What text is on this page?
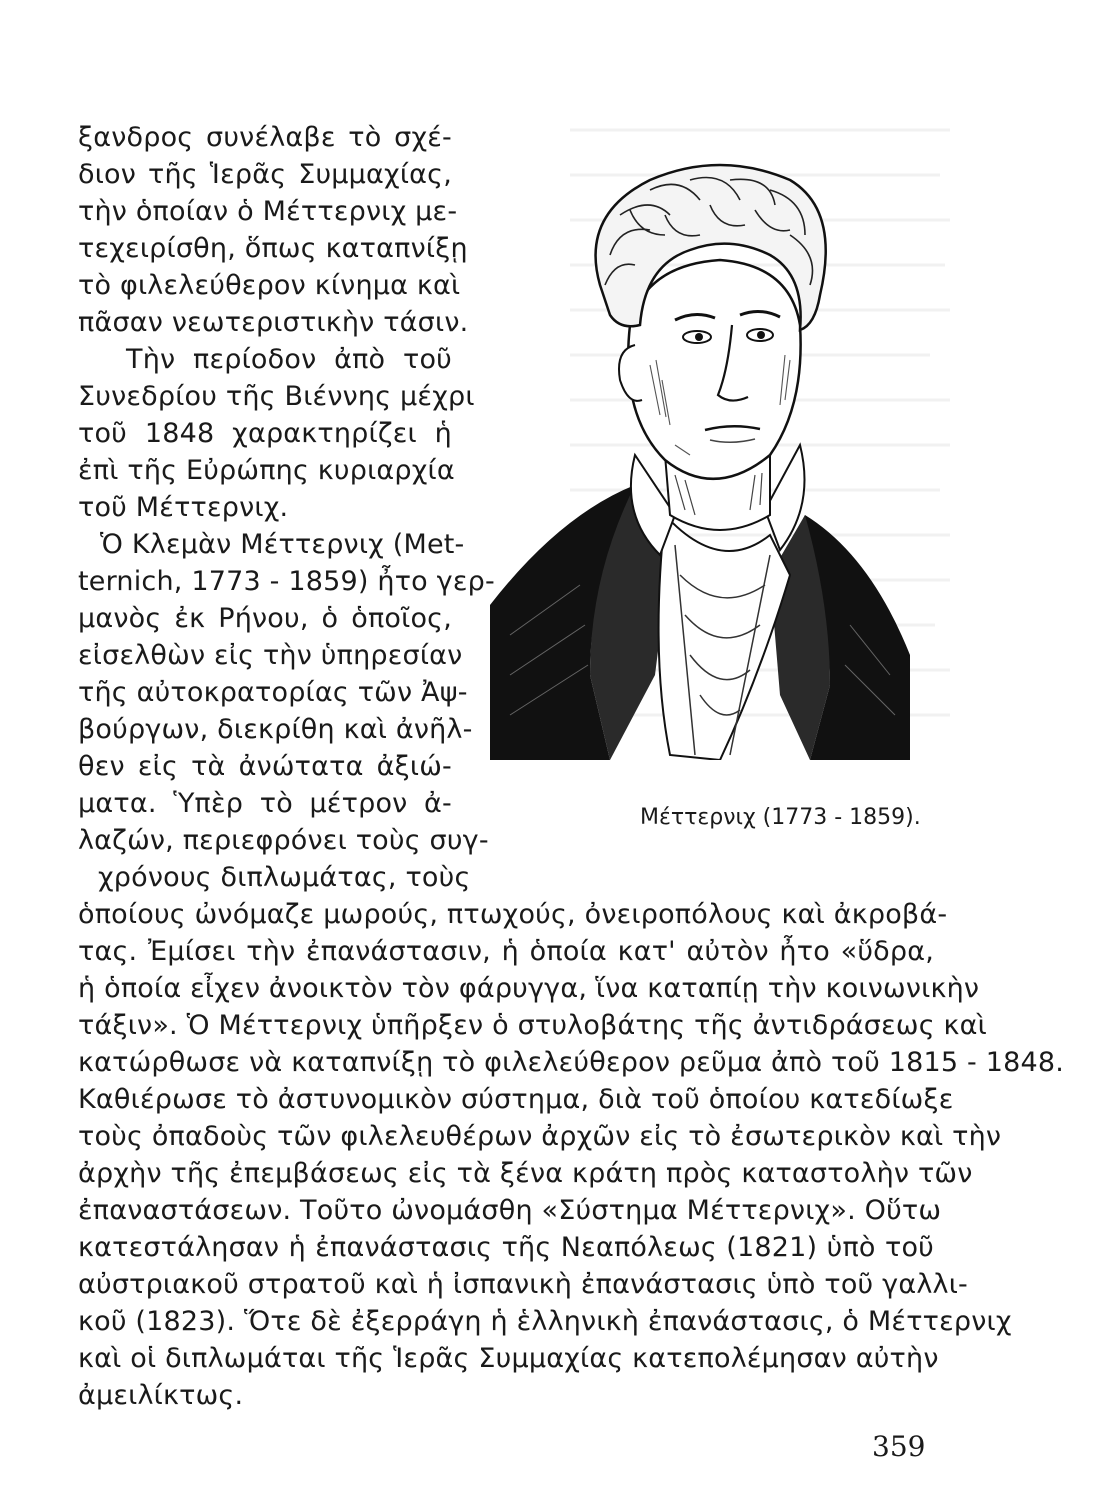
ξανδρος συνέλαβε τὸ σχέ-
διον τῆς Ἱερᾶς Συμμαχίας,
τὴν ὁποίαν ὁ Μέττερνιχ με-
τεχειρίσθη, ὅπως καταπνίξῃ
τὸ φιλελεύθερον κίνημα καὶ
πᾶσαν νεωτεριστικὴν τάσιν.
Τὴν περίοδον ἀπὸ τοῦ
Συνεδρίου τῆς Βιέννης μέχρι
τοῦ 1848 χαρακτηρίζει ἡ
ἐπὶ τῆς Εὐρώπης κυριαρχία
τοῦ Μέττερνιχ.
Ὁ Κλεμὰν Μέττερνιχ (Met-
ternich, 1773 - 1859) ἦτο γερ-
μανὸς ἐκ Ρήνου, ὁ ὁποῖος,
εἰσελθὼν εἰς τὴν ὑπηρεσίαν
τῆς αὐτοκρατορίας τῶν Ἀψ-
βούργων, διεκρίθη καὶ ἀνῆλ-
θεν εἰς τὰ ἀνώτατα ἀξιώ-
ματα. Ὑπὲρ τὸ μέτρον ἀ-
λαζών, περιεφρόνει τοὺς συγ-
χρόνους διπλωμάτας, τοὺς
Μέττερνιχ (1773 - 1859).
ὁποίους ὠνόμαζε μωρούς, πτωχούς, ὀνειροπόλους καὶ ἀκροβά-
τας. Ἐμίσει τὴν ἐπανάστασιν, ἡ ὁποία κατ' αὐτὸν ἦτο «ὕδρα,
ἡ ὁποία εἶχεν ἀνοικτὸν τὸν φάρυγγα, ἵνα καταπίῃ τὴν κοινωνικὴν
τάξιν». Ὁ Μέττερνιχ ὑπῆρξεν ὁ στυλοβάτης τῆς ἀντιδράσεως καὶ
κατώρθωσε νὰ καταπνίξῃ τὸ φιλελεύθερον ρεῦμα ἀπὸ τοῦ 1815 - 1848.
Καθιέρωσε τὸ ἀστυνομικὸν σύστημα, διὰ τοῦ ὁποίου κατεδίωξε
τοὺς ὀπαδοὺς τῶν φιλελευθέρων ἀρχῶν εἰς τὸ ἐσωτερικὸν καὶ τὴν
ἀρχὴν τῆς ἐπεμβάσεως εἰς τὰ ξένα κράτη πρὸς καταστολὴν τῶν
ἐπαναστάσεων. Τοῦτο ὠνομάσθη «Σύστημα Μέττερνιχ». Οὕτω
κατεστάλησαν ἡ ἐπανάστασις τῆς Νεαπόλεως (1821) ὑπὸ τοῦ
αὐστριακοῦ στρατοῦ καὶ ἡ ἰσπανικὴ ἐπανάστασις ὑπὸ τοῦ γαλλι-
κοῦ (1823). Ὅτε δὲ ἐξερράγη ἡ ἑλληνικὴ ἐπανάστασις, ὁ Μέττερνιχ
καὶ οἱ διπλωμάται τῆς Ἱερᾶς Συμμαχίας κατεπολέμησαν αὐτὴν
ἀμειλίκτως.
359
